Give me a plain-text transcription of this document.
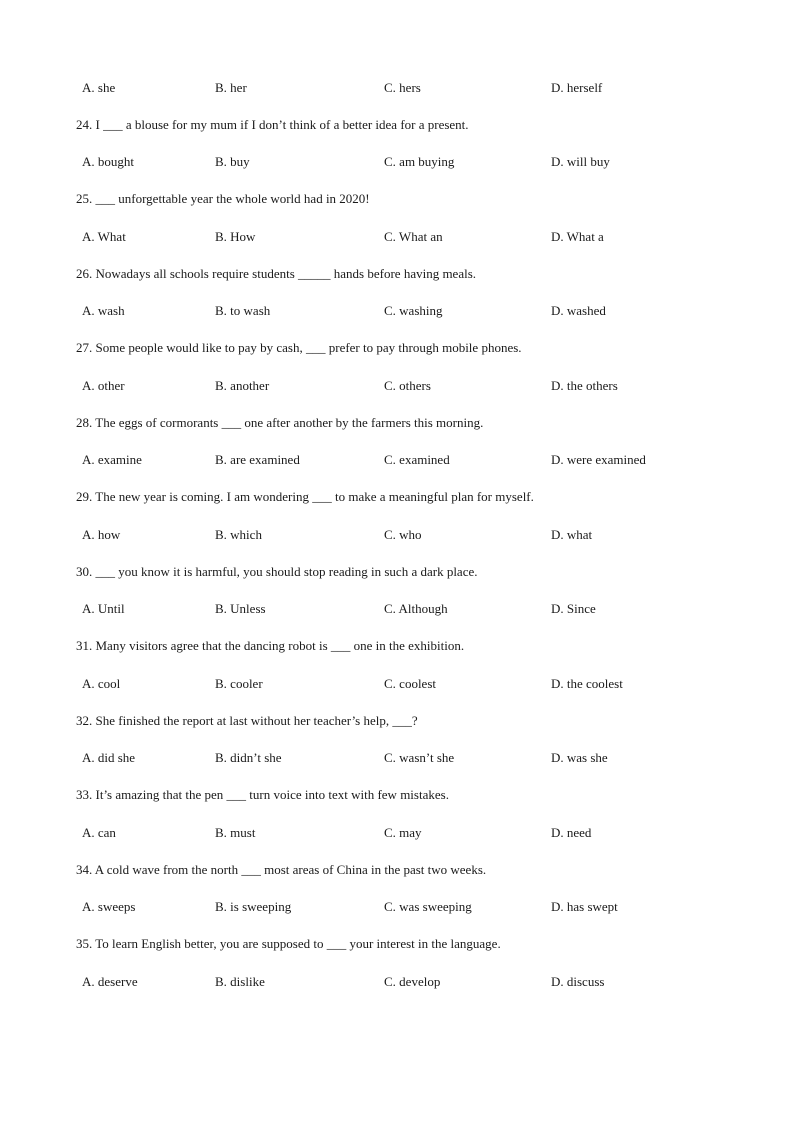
A. she	B. her	C. hers	D. herself
24. I ___ a blouse for my mum if I don’t think of a better idea for a present.
A. bought	B. buy	C. am buying	D. will buy
25. ___ unforgettable year the whole world had in 2020!
A. What	B. How	C. What an	D. What a
26. Nowadays all schools require students _____ hands before having meals.
A. wash	B. to wash	C. washing	D. washed
27. Some people would like to pay by cash, ___ prefer to pay through mobile phones.
A. other	B. another	C. others	D. the others
28. The eggs of cormorants ___ one after another by the farmers this morning.
A. examine	B. are examined	C. examined	D. were examined
29. The new year is coming. I am wondering ___ to make a meaningful plan for myself.
A. how	B. which	C. who	D. what
30. ___ you know it is harmful, you should stop reading in such a dark place.
A. Until	B. Unless	C. Although	D. Since
31. Many visitors agree that the dancing robot is ___ one in the exhibition.
A. cool	B. cooler	C. coolest	D. the coolest
32. She finished the report at last without her teacher’s help, ___?
A. did she	B. didn’t she	C. wasn’t she	D. was she
33. It’s amazing that the pen ___ turn voice into text with few mistakes.
A. can	B. must	C. may	D. need
34. A cold wave from the north ___ most areas of China in the past two weeks.
A. sweeps	B. is sweeping	C. was sweeping	D. has swept
35. To learn English better, you are supposed to ___ your interest in the language.
A. deserve	B. dislike	C. develop	D. discuss
